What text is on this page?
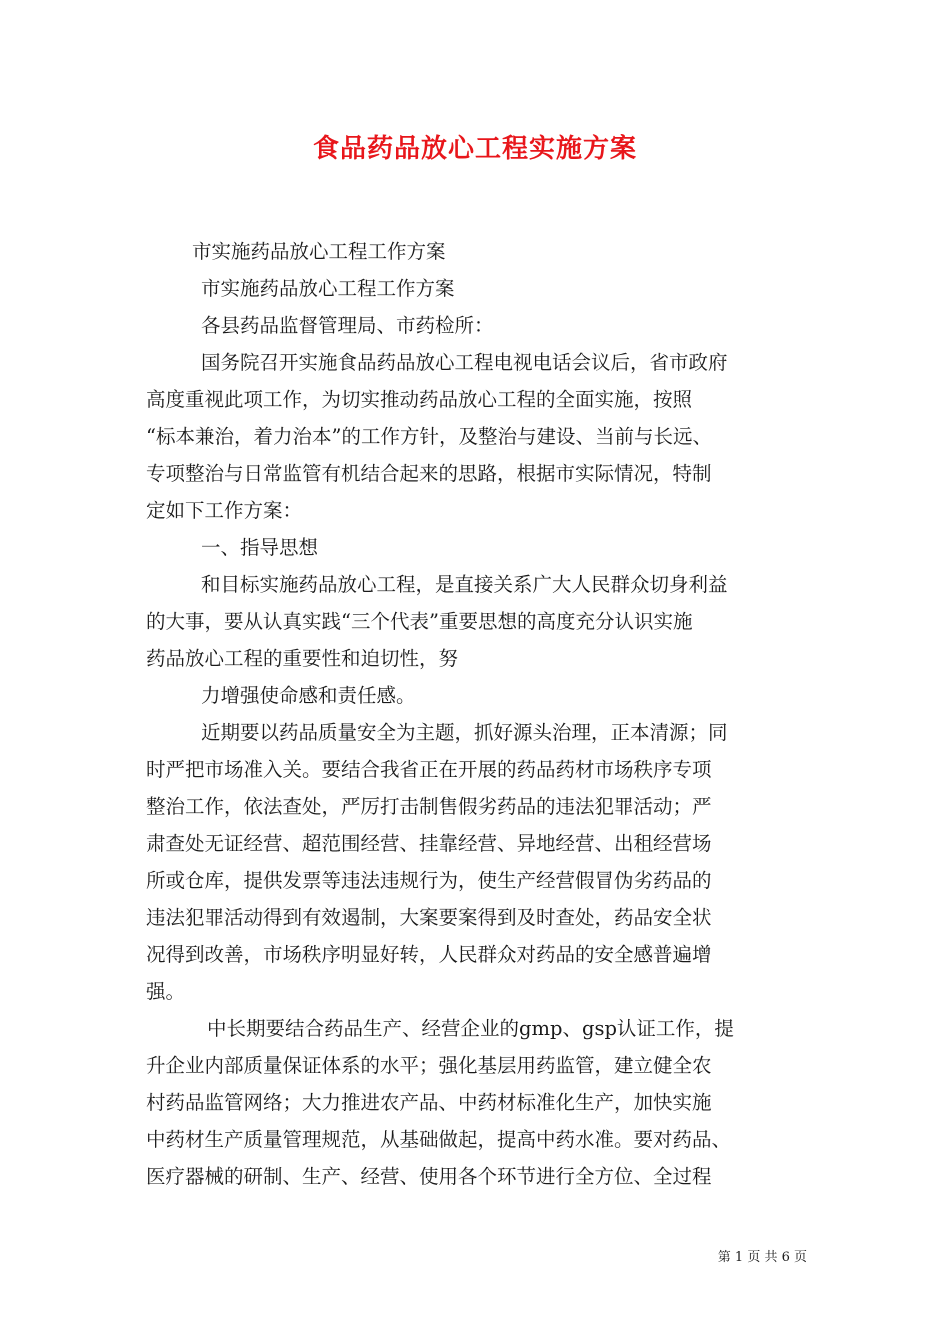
食品药品放心工程实施方案
市实施药品放心工程工作方案
市实施药品放心工程工作方案
各县药品监督管理局、市药检所：
国务院召开实施食品药品放心工程电视电话会议后，省市政府
高度重视此项工作，为切实推动药品放心工程的全面实施，按照
“标本兼治，着力治本”的工作方针，及整治与建设、当前与长远、
专项整治与日常监管有机结合起来的思路，根据市实际情况，特制
定如下工作方案：
一、指导思想
和目标实施药品放心工程，是直接关系广大人民群众切身利益
的大事，要从认真实践“三个代表”重要思想的高度充分认识实施
药品放心工程的重要性和迫切性，努
力增强使命感和责任感。
近期要以药品质量安全为主题，抓好源头治理，正本清源；同
时严把市场准入关。要结合我省正在开展的药品药材市场秩序专项
整治工作，依法查处，严厉打击制售假劣药品的违法犯罪活动；严
肃查处无证经营、超范围经营、挂靠经营、异地经营、出租经营场
所或仓库，提供发票等违法违规行为，使生产经营假冒伪劣药品的
违法犯罪活动得到有效遏制，大案要案得到及时查处，药品安全状
况得到改善，市场秩序明显好转，人民群众对药品的安全感普遍增
强。
中长期要结合药品生产、经营企业的gmp、gsp认证工作，提
升企业内部质量保证体系的水平；强化基层用药监管，建立健全农
村药品监管网络；大力推进农产品、中药材标准化生产，加快实施
中药材生产质量管理规范，从基础做起，提高中药水准。要对药品、
医疗器械的研制、生产、经营、使用各个环节进行全方位、全过程
第 1 页 共 6 页
